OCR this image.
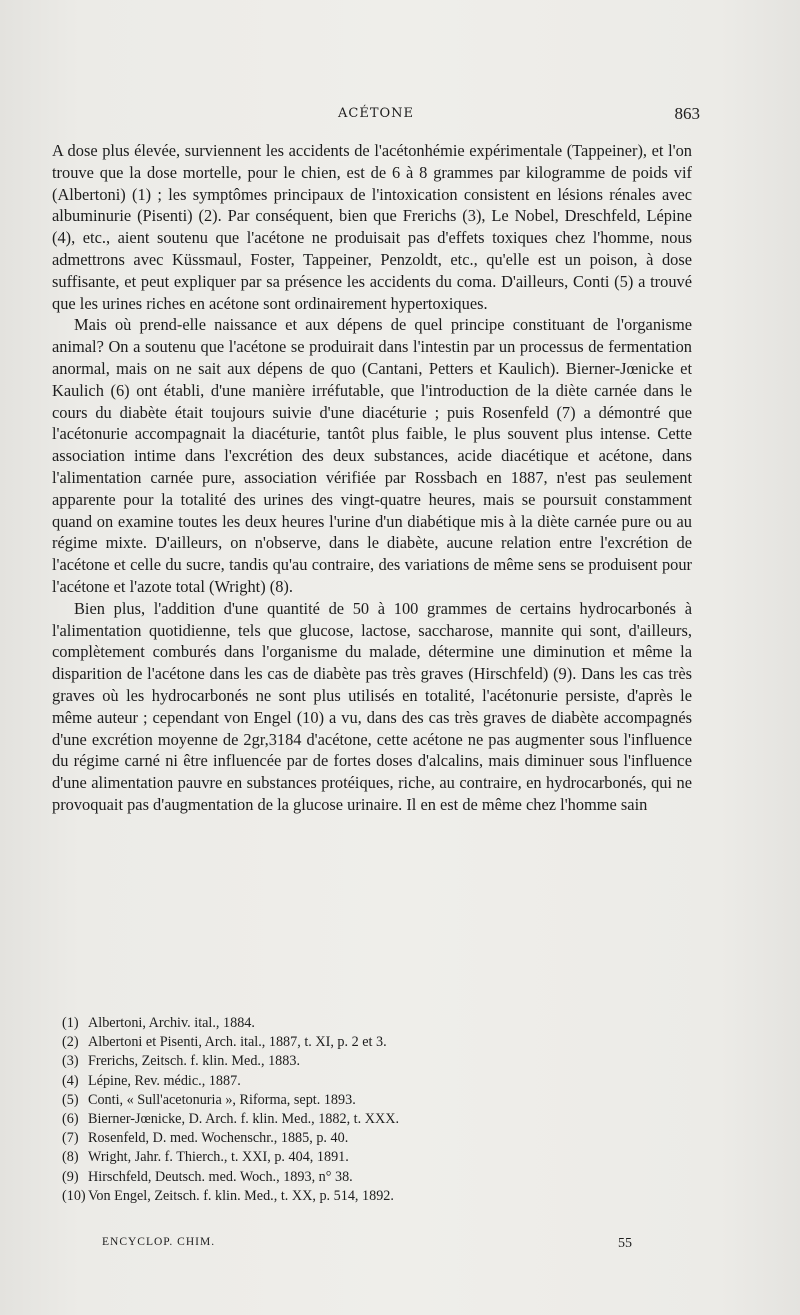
ACÉTONE	863

A dose plus élevée, surviennent les accidents de l'acétonhémie expérimentale (Tappeiner), et l'on trouve que la dose mortelle, pour le chien, est de 6 à 8 grammes par kilogramme de poids vif (Albertoni) (1) ; les symptômes principaux de l'intoxication consistent en lésions rénales avec albuminurie (Pisenti) (2). Par conséquent, bien que Frerichs (3), Le Nobel, Dreschfeld, Lépine (4), etc., aient soutenu que l'acétone ne produisait pas d'effets toxiques chez l'homme, nous admettrons avec Küssmaul, Foster, Tappeiner, Penzoldt, etc., qu'elle est un poison, à dose suffisante, et peut expliquer par sa présence les accidents du coma. D'ailleurs, Conti (5) a trouvé que les urines riches en acétone sont ordinairement hypertoxiques.

Mais où prend-elle naissance et aux dépens de quel principe constituant de l'organisme animal? On a soutenu que l'acétone se produirait dans l'intestin par un processus de fermentation anormal, mais on ne sait aux dépens de quo (Cantani, Petters et Kaulich). Bierner-Jœnicke et Kaulich (6) ont établi, d'une manière irréfutable, que l'introduction de la diète carnée dans le cours du diabète était toujours suivie d'une diacéturie ; puis Rosenfeld (7) a démontré que l'acétonurie accompagnait la diacéturie, tantôt plus faible, le plus souvent plus intense. Cette association intime dans l'excrétion des deux substances, acide diacétique et acétone, dans l'alimentation carnée pure, association vérifiée par Rossbach en 1887, n'est pas seulement apparente pour la totalité des urines des vingt-quatre heures, mais se poursuit constamment quand on examine toutes les deux heures l'urine d'un diabétique mis à la diète carnée pure ou au régime mixte. D'ailleurs, on n'observe, dans le diabète, aucune relation entre l'excrétion de l'acétone et celle du sucre, tandis qu'au contraire, des variations de même sens se produisent pour l'acétone et l'azote total (Wright) (8).

Bien plus, l'addition d'une quantité de 50 à 100 grammes de certains hydrocarbonés à l'alimentation quotidienne, tels que glucose, lactose, saccharose, mannite qui sont, d'ailleurs, complètement comburés dans l'organisme du malade, détermine une diminution et même la disparition de l'acétone dans les cas de diabète pas très graves (Hirschfeld) (9). Dans les cas très graves où les hydrocarbonés ne sont plus utilisés en totalité, l'acétonurie persiste, d'après le même auteur ; cependant von Engel (10) a vu, dans des cas très graves de diabète accompagnés d'une excrétion moyenne de 2gr,3184 d'acétone, cette acétone ne pas augmenter sous l'influence du régime carné ni être influencée par de fortes doses d'alcalins, mais diminuer sous l'influence d'une alimentation pauvre en substances protéiques, riche, au contraire, en hydrocarbonés, qui ne provoquait pas d'augmentation de la glucose urinaire. Il en est de même chez l'homme sain

(1) Albertoni, Archiv. ital., 1884.
(2) Albertoni et Pisenti, Arch. ital., 1887, t. XI, p. 2 et 3.
(3) Frerichs, Zeitsch. f. klin. Med., 1883.
(4) Lépine, Rev. médic., 1887.
(5) Conti, « Sull'acetonuria », Riforma, sept. 1893.
(6) Bierner-Jœnicke, D. Arch. f. klin. Med., 1882, t. XXX.
(7) Rosenfeld, D. med. Wochenschr., 1885, p. 40.
(8) Wright, Jahr. f. Thierch., t. XXI, p. 404, 1891.
(9) Hirschfeld, Deutsch. med. Woch., 1893, n° 38.
(10) Von Engel, Zeitsch. f. klin. Med., t. XX, p. 514, 1892.
ENCYCLOP. CHIM.	55
